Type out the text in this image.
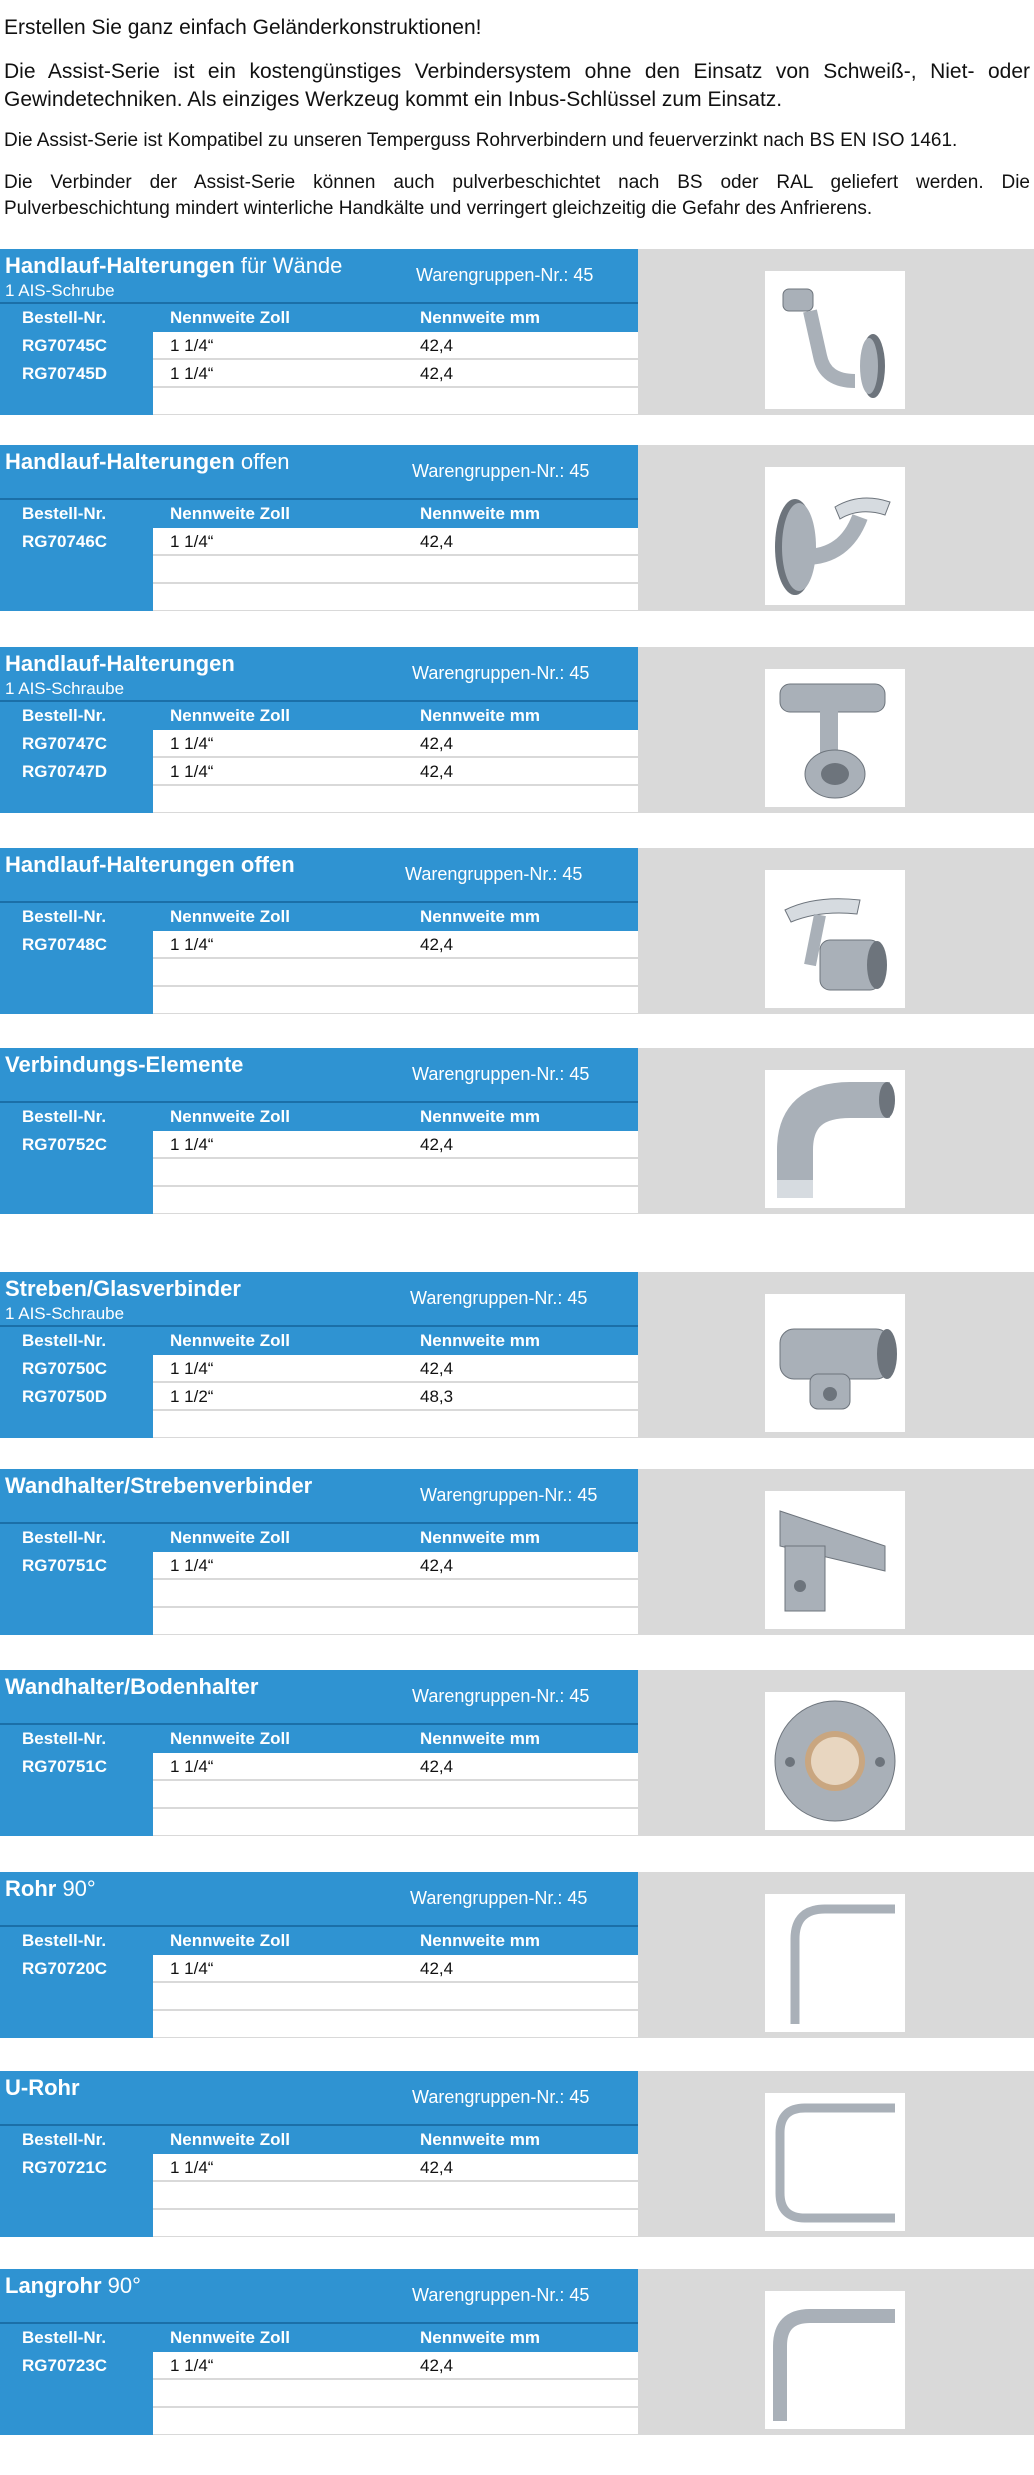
Erstellen Sie ganz einfach Geländerkonstruktionen!

Die Assist-Serie ist ein kostengünstiges Verbindersystem ohne den Einsatz von Schweiß-, Niet- oder Gewindetechniken. Als einziges Werkzeug kommt ein Inbus-Schlüssel zum Einsatz.

Die Assist-Serie ist Kompatibel zu unseren Temperguss Rohrverbindern und feuerverzinkt nach BS EN ISO 1461.

Die Verbinder der Assist-Serie können auch pulverbeschichtet nach BS oder RAL geliefert werden. Die Pulverbeschichtung mindert winterliche Handkälte und verringert gleichzeitig die Gefahr des Anfrierens.

Handlauf-Halterungen für Wände
1 AIS-Schrube
Warengruppen-Nr.: 45
Bestell-Nr.	Nennweite Zoll	Nennweite mm
RG70745C	1 1/4“	42,4
RG70745D	1 1/4“	42,4
Handlauf-Halterungen offen	Warengruppen-Nr.: 45
Bestell-Nr.	Nennweite Zoll	Nennweite mm
RG70746C	1 1/4“	42,4
Handlauf-Halterungen
1 AIS-Schraube
Warengruppen-Nr.: 45
Bestell-Nr.	Nennweite Zoll	Nennweite mm
RG70747C	1 1/4“	42,4
RG70747D	1 1/4“	42,4
Handlauf-Halterungen offen	Warengruppen-Nr.: 45
Bestell-Nr.	Nennweite Zoll	Nennweite mm
RG70748C	1 1/4“	42,4
Verbindungs-Elemente	Warengruppen-Nr.: 45
Bestell-Nr.	Nennweite Zoll	Nennweite mm
RG70752C	1 1/4“	42,4
Streben/Glasverbinder
1 AIS-Schraube
Warengruppen-Nr.: 45
Bestell-Nr.	Nennweite Zoll	Nennweite mm
RG70750C	1 1/4“	42,4
RG70750D	1 1/2“	48,3
Wandhalter/Strebenverbinder	Warengruppen-Nr.: 45
Bestell-Nr.	Nennweite Zoll	Nennweite mm
RG70751C	1 1/4“	42,4
Wandhalter/Bodenhalter	Warengruppen-Nr.: 45
Bestell-Nr.	Nennweite Zoll	Nennweite mm
RG70751C	1 1/4“	42,4
Rohr 90°	Warengruppen-Nr.: 45
Bestell-Nr.	Nennweite Zoll	Nennweite mm
RG70720C	1 1/4“	42,4
U-Rohr	Warengruppen-Nr.: 45
Bestell-Nr.	Nennweite Zoll	Nennweite mm
RG70721C	1 1/4“	42,4
Langrohr 90°	Warengruppen-Nr.: 45
Bestell-Nr.	Nennweite Zoll	Nennweite mm
RG70723C	1 1/4“	42,4
